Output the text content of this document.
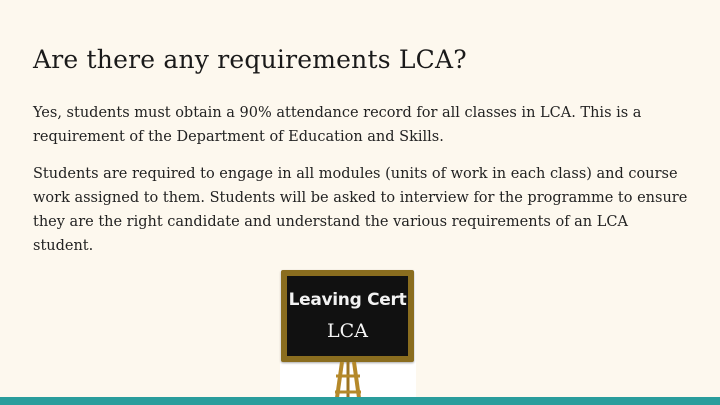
Are there any requirements LCA?

Yes, students must obtain a 90% attendance record for all classes in LCA. This is a requirement of the Department of Education and Skills.

Students are required to engage in all modules (units of work in each class) and course work assigned to them. Students will be asked to interview for the programme to ensure they are the right candidate and understand the various requirements of an LCA student.

Leaving Cert
LCA
